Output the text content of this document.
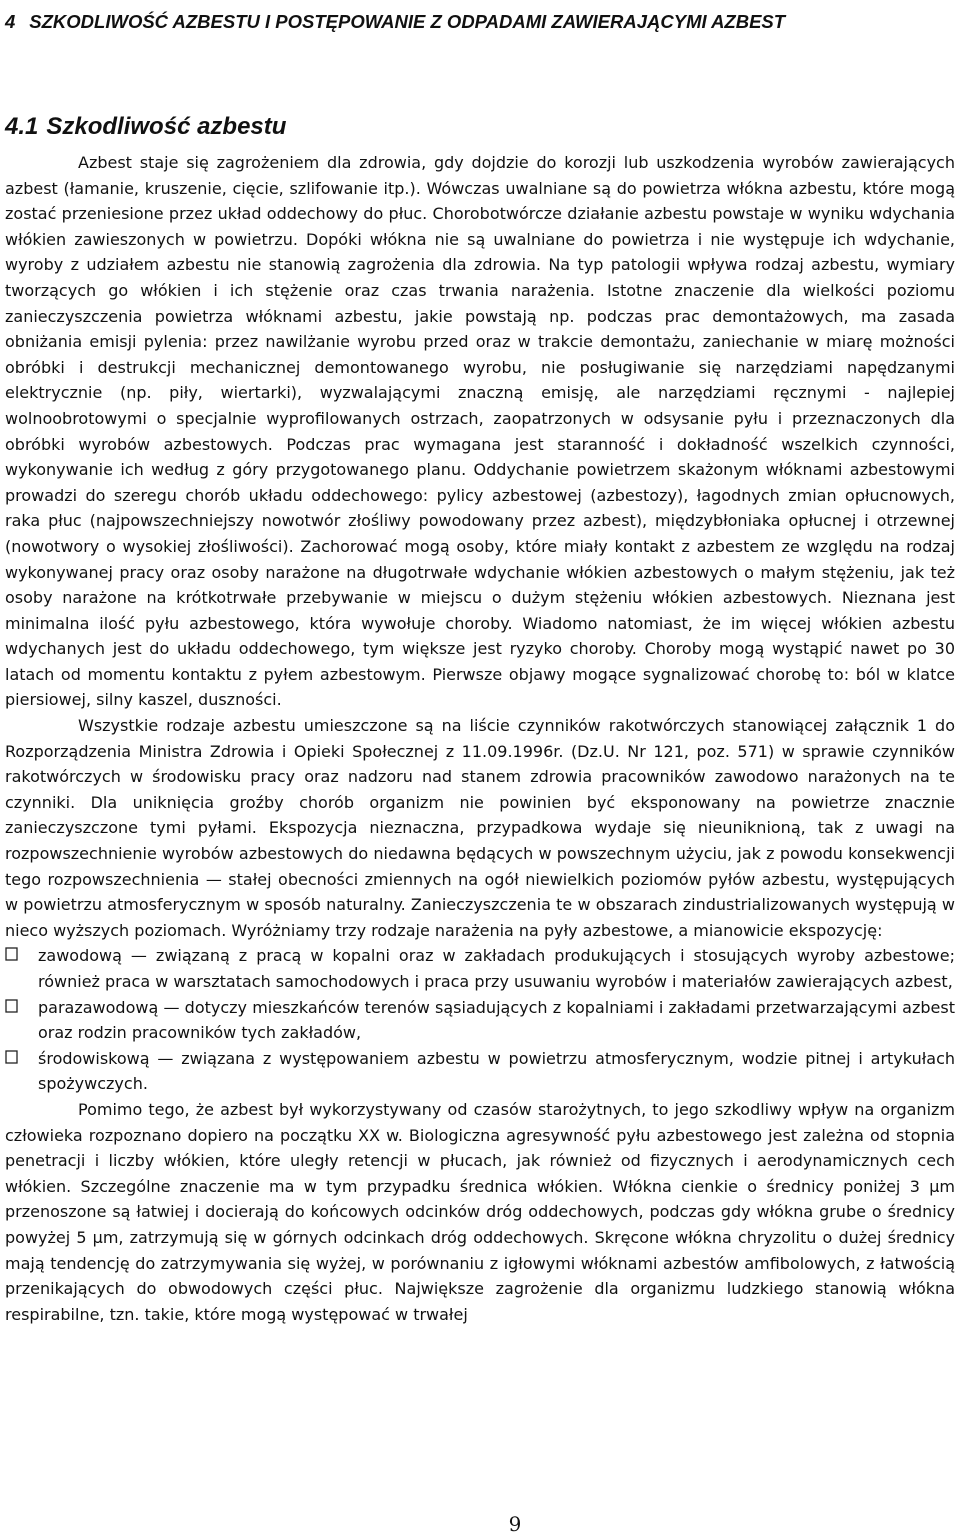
4 SZKODLIWOŚĆ AZBESTU I POSTĘPOWANIE Z ODPADAMI ZAWIERAJĄCYMI AZBEST
4.1 Szkodliwość azbestu

Azbest staje się zagrożeniem dla zdrowia, gdy dojdzie do korozji lub uszkodzenia wyrobów zawierających azbest (łamanie, kruszenie, cięcie, szlifowanie itp.). Wówczas uwalniane są do powietrza włókna azbestu, które mogą zostać przeniesione przez układ oddechowy do płuc. Chorobotwórcze działanie azbestu powstaje w wyniku wdychania włókien zawieszonych w powietrzu. Dopóki włókna nie są uwalniane do powietrza i nie występuje ich wdychanie, wyroby z udziałem azbestu nie stanowią zagrożenia dla zdrowia. Na typ patologii wpływa rodzaj azbestu, wymiary tworzących go włókien i ich stężenie oraz czas trwania narażenia. Istotne znaczenie dla wielkości poziomu zanieczyszczenia powietrza włóknami azbestu, jakie powstają np. podczas prac demontażowych, ma zasada obniżania emisji pylenia: przez nawilżanie wyrobu przed oraz w trakcie demontażu, zaniechanie w miarę możności obróbki i destrukcji mechanicznej demontowanego wyrobu, nie posługiwanie się narzędziami napędzanymi elektrycznie (np. piły, wiertarki), wyzwalającymi znaczną emisję, ale narzędziami ręcznymi - najlepiej wolnoobrotowymi o specjalnie wyprofilowanych ostrzach, zaopatrzonych w odsysanie pyłu i przeznaczonych dla obróbki wyrobów azbestowych. Podczas prac wymagana jest staranność i dokładność wszelkich czynności, wykonywanie ich według z góry przygotowanego planu. Oddychanie powietrzem skażonym włóknami azbestowymi prowadzi do szeregu chorób układu oddechowego: pylicy azbestowej (azbestozy), łagodnych zmian opłucnowych, raka płuc (najpowszechniejszy nowotwór złośliwy powodowany przez azbest), międzybłoniaka opłucnej i otrzewnej (nowotwory o wysokiej złośliwości). Zachorować mogą osoby, które miały kontakt z azbestem ze względu na rodzaj wykonywanej pracy oraz osoby narażone na długotrwałe wdychanie włókien azbestowych o małym stężeniu, jak też osoby narażone na krótkotrwałe przebywanie w miejscu o dużym stężeniu włókien azbestowych. Nieznana jest minimalna ilość pyłu azbestowego, która wywołuje choroby. Wiadomo natomiast, że im więcej włókien azbestu wdychanych jest do układu oddechowego, tym większe jest ryzyko choroby. Choroby mogą wystąpić nawet po 30 latach od momentu kontaktu z pyłem azbestowym. Pierwsze objawy mogące sygnalizować chorobę to: ból w klatce piersiowej, silny kaszel, duszności.

Wszystkie rodzaje azbestu umieszczone są na liście czynników rakotwórczych stanowiącej załącznik 1 do Rozporządzenia Ministra Zdrowia i Opieki Społecznej z 11.09.1996r. (Dz.U. Nr 121, poz. 571) w sprawie czynników rakotwórczych w środowisku pracy oraz nadzoru nad stanem zdrowia pracowników zawodowo narażonych na te czynniki. Dla uniknięcia groźby chorób organizm nie powinien być eksponowany na powietrze znacznie zanieczyszczone tymi pyłami. Ekspozycja nieznaczna, przypadkowa wydaje się nieuniknioną, tak z uwagi na rozpowszechnienie wyrobów azbestowych do niedawna będących w powszechnym użyciu, jak z powodu konsekwencji tego rozpowszechnienia — stałej obecności zmiennych na ogół niewielkich poziomów pyłów azbestu, występujących w powietrzu atmosferycznym w sposób naturalny. Zanieczyszczenia te w obszarach zindustrializowanych występują w nieco wyższych poziomach. Wyróżniamy trzy rodzaje narażenia na pyły azbestowe, a mianowicie ekspozycję:

zawodową — związaną z pracą w kopalni oraz w zakładach produkujących i stosujących wyroby azbestowe; również praca w warsztatach samochodowych i praca przy usuwaniu wyrobów i materiałów zawierających azbest,
parazawodową — dotyczy mieszkańców terenów sąsiadujących z kopalniami i zakładami przetwarzającymi azbest oraz rodzin pracowników tych zakładów,
środowiskową — związana z występowaniem azbestu w powietrzu atmosferycznym, wodzie pitnej i artykułach spożywczych.

Pomimo tego, że azbest był wykorzystywany od czasów starożytnych, to jego szkodliwy wpływ na organizm człowieka rozpoznano dopiero na początku XX w. Biologiczna agresywność pyłu azbestowego jest zależna od stopnia penetracji i liczby włókien, które uległy retencji w płucach, jak również od fizycznych i aerodynamicznych cech włókien. Szczególne znaczenie ma w tym przypadku średnica włókien. Włókna cienkie o średnicy poniżej 3 µm przenoszone są łatwiej i docierają do końcowych odcinków dróg oddechowych, podczas gdy włókna grube o średnicy powyżej 5 µm, zatrzymują się w górnych odcinkach dróg oddechowych. Skręcone włókna chryzolitu o dużej średnicy mają tendencję do zatrzymywania się wyżej, w porównaniu z igłowymi włóknami azbestów amfibolowych, z łatwością przenikających do obwodowych części płuc. Największe zagrożenie dla organizmu ludzkiego stanowią włókna respirabilne, tzn. takie, które mogą występować w trwałej

9
